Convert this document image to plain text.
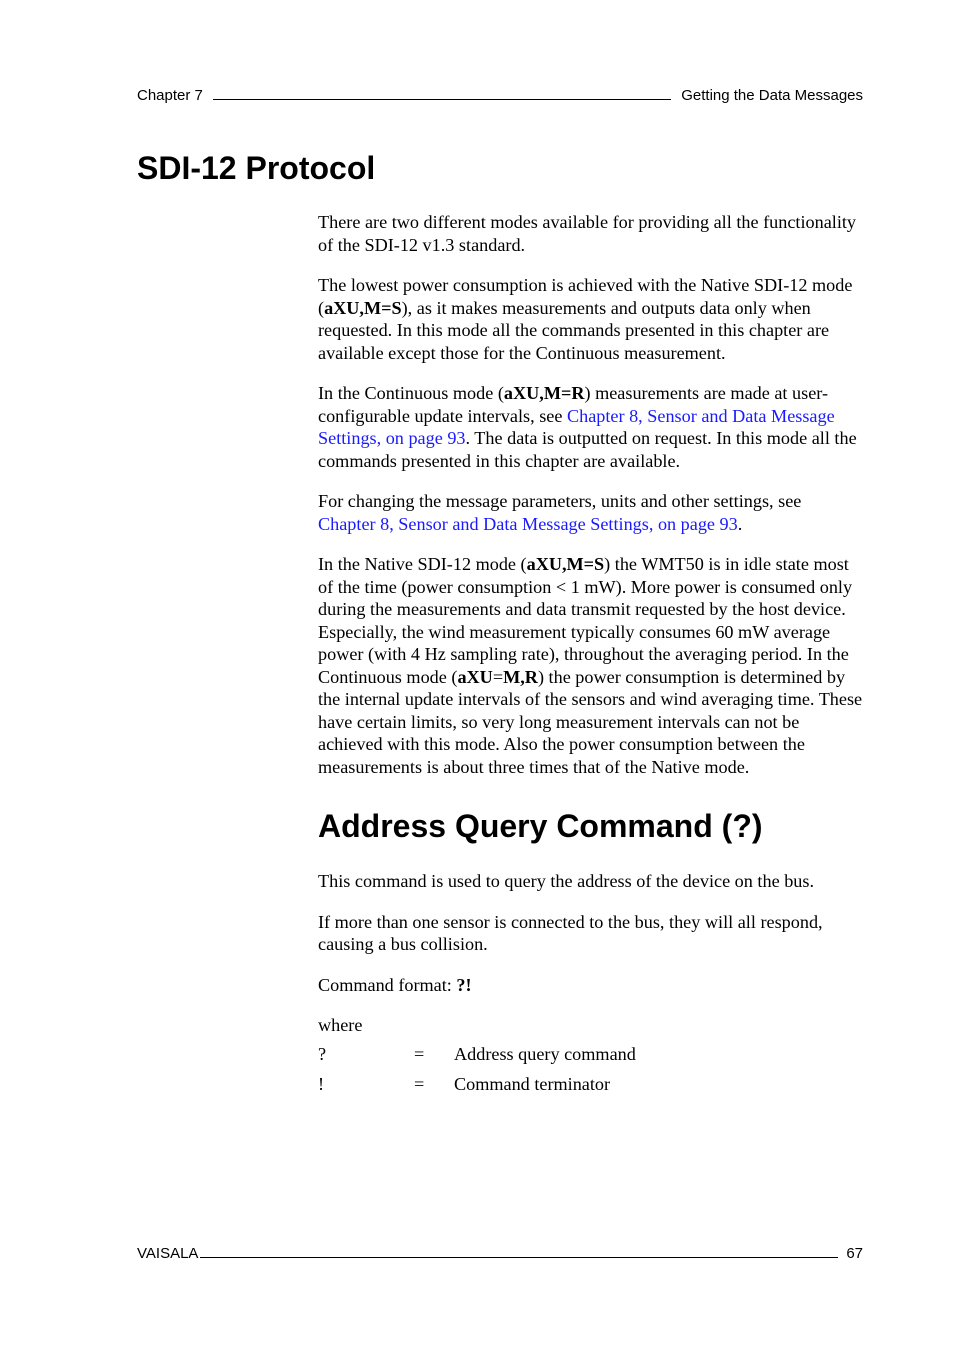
Chapter 7	Getting the Data Messages
SDI-12 Protocol

There are two different modes available for providing all the functionality of the SDI-12 v1.3 standard.

The lowest power consumption is achieved with the Native SDI-12 mode (aXU,M=S), as it makes measurements and outputs data only when requested. In this mode all the commands presented in this chapter are available except those for the Continuous measurement.

In the Continuous mode (aXU,M=R) measurements are made at user-configurable update intervals, see Chapter 8, Sensor and Data Message Settings, on page 93. The data is outputted on request. In this mode all the commands presented in this chapter are available.

For changing the message parameters, units and other settings, see Chapter 8, Sensor and Data Message Settings, on page 93.

In the Native SDI-12 mode (aXU,M=S) the WMT50 is in idle state most of the time (power consumption < 1 mW). More power is consumed only during the measurements and data transmit requested by the host device. Especially, the wind measurement typically consumes 60 mW average power (with 4 Hz sampling rate), throughout the averaging period. In the Continuous mode (aXU=M,R) the power consumption is determined by the internal update intervals of the sensors and wind averaging time. These have certain limits, so very long measurement intervals can not be achieved with this mode. Also the power consumption between the measurements is about three times that of the Native mode.

Address Query Command (?)

This command is used to query the address of the device on the bus.

If more than one sensor is connected to the bus, they will all respond, causing a bus collision.

Command format: ?!

where

?	=	Address query command
!	=	Command terminator
VAISALA	67
